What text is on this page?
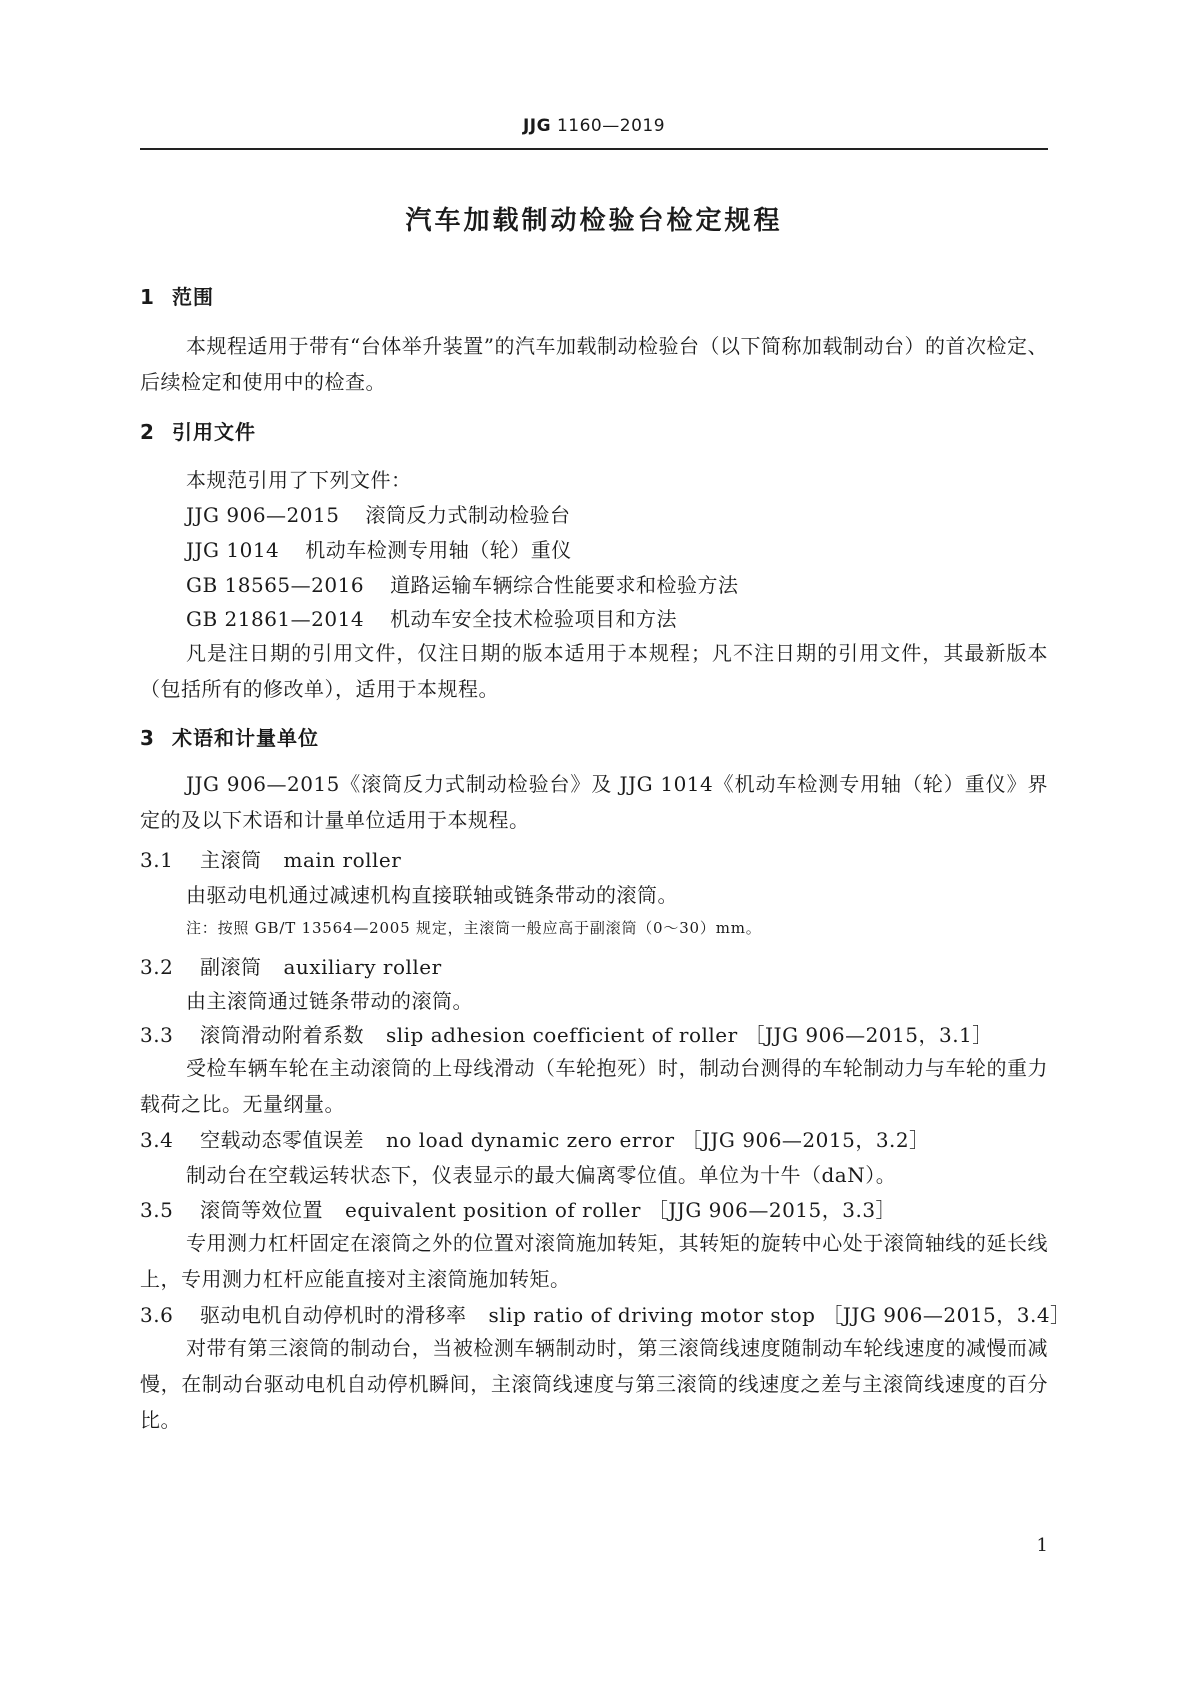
JJG 1160—2019
汽车加载制动检验台检定规程
1 范围
本规程适用于带有“台体举升装置”的汽车加载制动检验台（以下简称加载制动台）的首次检定、后续检定和使用中的检查。
2 引用文件
本规范引用了下列文件：
JJG 906—2015 滚筒反力式制动检验台
JJG 1014 机动车检测专用轴（轮）重仪
GB 18565—2016 道路运输车辆综合性能要求和检验方法
GB 21861—2014 机动车安全技术检验项目和方法
凡是注日期的引用文件，仅注日期的版本适用于本规程；凡不注日期的引用文件，其最新版本（包括所有的修改单），适用于本规程。
3 术语和计量单位
JJG 906—2015《滚筒反力式制动检验台》及 JJG 1014《机动车检测专用轴（轮）重仪》界定的及以下术语和计量单位适用于本规程。
3.1 主滚筒 main roller
由驱动电机通过减速机构直接联轴或链条带动的滚筒。
注：按照 GB/T 13564—2005 规定，主滚筒一般应高于副滚筒（0～30）mm。
3.2 副滚筒 auxiliary roller
由主滚筒通过链条带动的滚筒。
3.3 滚筒滑动附着系数 slip adhesion coefficient of roller ［JJG 906—2015，3.1］
受检车辆车轮在主动滚筒的上母线滑动（车轮抱死）时，制动台测得的车轮制动力与车轮的重力载荷之比。无量纲量。
3.4 空载动态零值误差 no load dynamic zero error ［JJG 906—2015，3.2］
制动台在空载运转状态下，仪表显示的最大偏离零位值。单位为十牛（daN）。
3.5 滚筒等效位置 equivalent position of roller ［JJG 906—2015，3.3］
专用测力杠杆固定在滚筒之外的位置对滚筒施加转矩，其转矩的旋转中心处于滚筒轴线的延长线上，专用测力杠杆应能直接对主滚筒施加转矩。
3.6 驱动电机自动停机时的滑移率 slip ratio of driving motor stop ［JJG 906—2015，3.4］
对带有第三滚筒的制动台，当被检测车辆制动时，第三滚筒线速度随制动车轮线速度的减慢而减慢，在制动台驱动电机自动停机瞬间，主滚筒线速度与第三滚筒的线速度之差与主滚筒线速度的百分比。
1
